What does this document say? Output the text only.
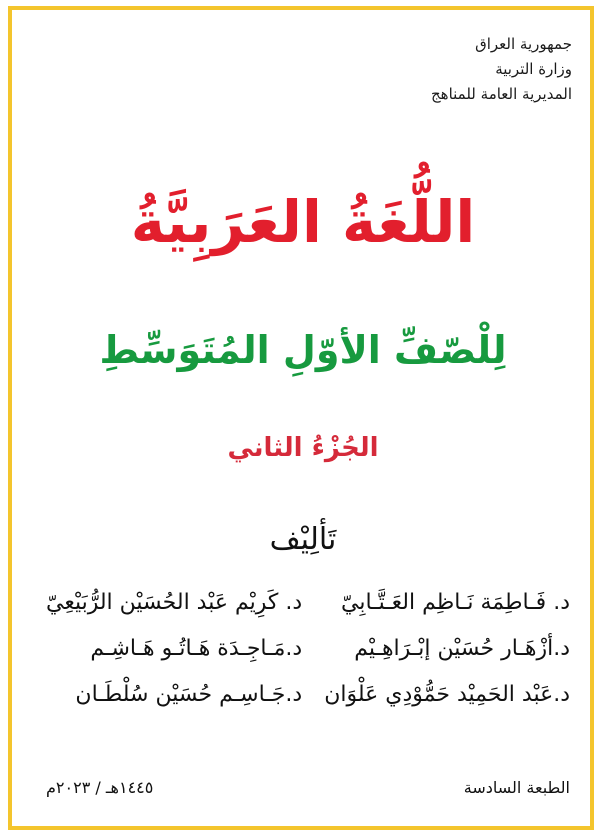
جمهورية العراق
وزارة التربية
المديرية العامة للمناهج
اللُّغَةُ العَرَبِيَّةُ
لِلْصّفِّ الأوّلِ المُتَوَسِّطِ
الجُزْءُ الثاني
تَألِيْف
د. فَـاطِمَة نَـاظِم العَـتَّـابِيّ
د. كَرِيْم عَبْد الحُسَيْن الرُّبَيْعِيّ
د.أزْهَـار حُسَيْن إبْـرَاهِـيْم
د.مَـاجِـدَة هَـاتُـو هَـاشِـم
د.عَبْد الحَمِيْد حَمُّوْدِي عَلْوَان
د.جَـاسِـم حُسَيْن سُلْطَـان
الطبعة السادسة
١٤٤٥هـ / ٢٠٢٣م
